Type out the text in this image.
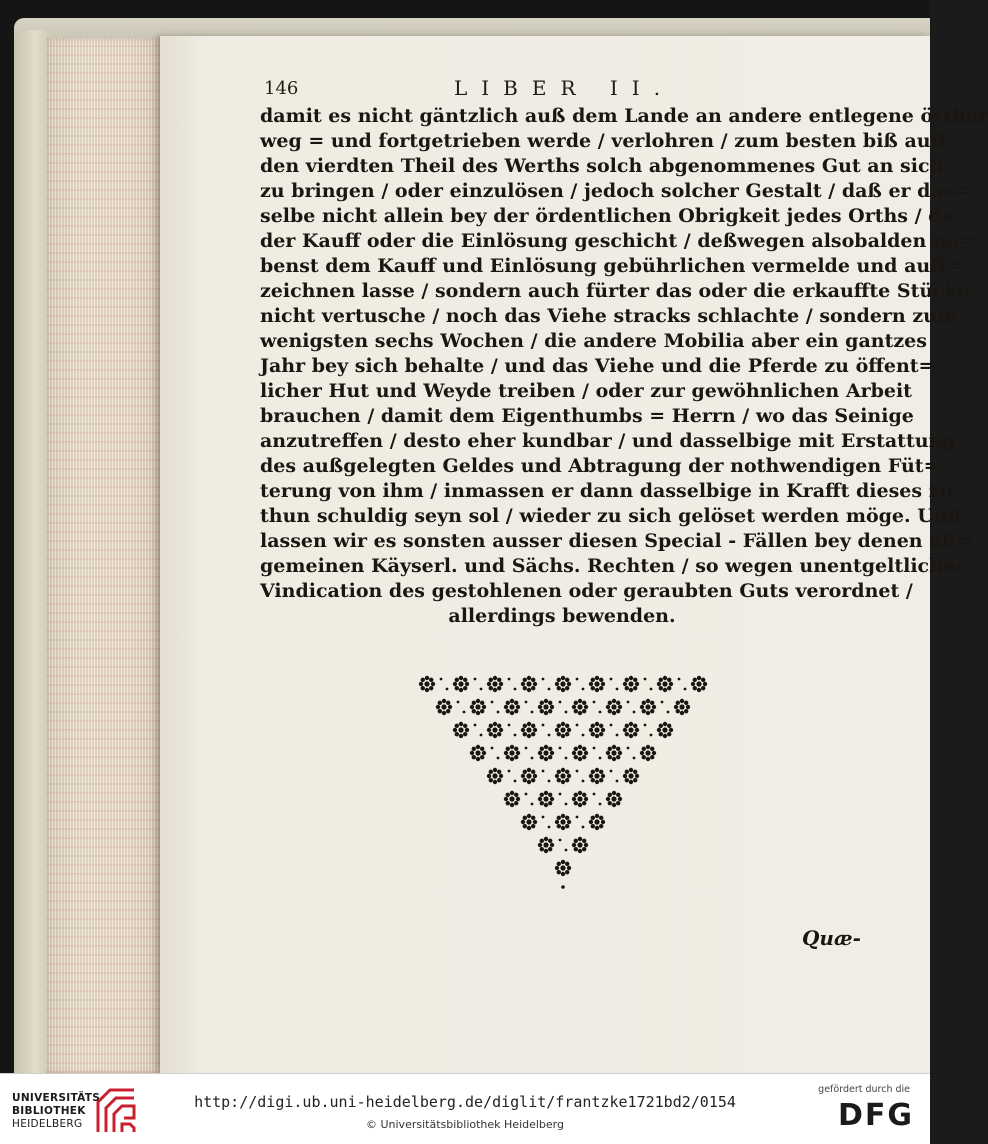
146	LIBER II.
damit es nicht gäntzlich auß dem Lande an andere entlegene örther
weg = und fortgetrieben werde / verlohren / zum besten biß auff
den vierdten Theil des Werths solch abgenommenes Gut an sich
zu bringen / oder einzulösen / jedoch solcher Gestalt / daß er das=
selbe nicht allein bey der ördentlichen Obrigkeit jedes Orths / da
der Kauff oder die Einlösung geschicht / deßwegen alsobalden ne=
benst dem Kauff und Einlösung gebührlichen vermelde und auff=
zeichnen lasse / sondern auch fürter das oder die erkauffte Stücke
nicht vertusche / noch das Viehe stracks schlachte / sondern zum
wenigsten sechs Wochen / die andere Mobilia aber ein gantzes
Jahr bey sich behalte / und das Viehe und die Pferde zu öffent=
licher Hut und Weyde treiben / oder zur gewöhnlichen Arbeit
brauchen / damit dem Eigenthumbs = Herrn / wo das Seinige
anzutreffen / desto eher kundbar / und dasselbige mit Erstattung
des außgelegten Geldes und Abtragung der nothwendigen Füt=
terung von ihm / inmassen er dann dasselbige in Krafft dieses zu
thun schuldig seyn sol / wieder zu sich gelöset werden möge. Und
lassen wir es sonsten ausser diesen Special - Fällen bey denen all=
gemeinen Käyserl. und Sächs. Rechten / so wegen unentgeltlicher
Vindication des gestohlenen oder geraubten Guts verordnet /
allerdings bewenden.
Quæ-
UNIVERSITÄTS-
BIBLIOTHEK
HEIDELBERG
http://digi.ub.uni-heidelberg.de/diglit/frantzke1721bd2/0154
© Universitätsbibliothek Heidelberg
gefördert durch die
DFG
